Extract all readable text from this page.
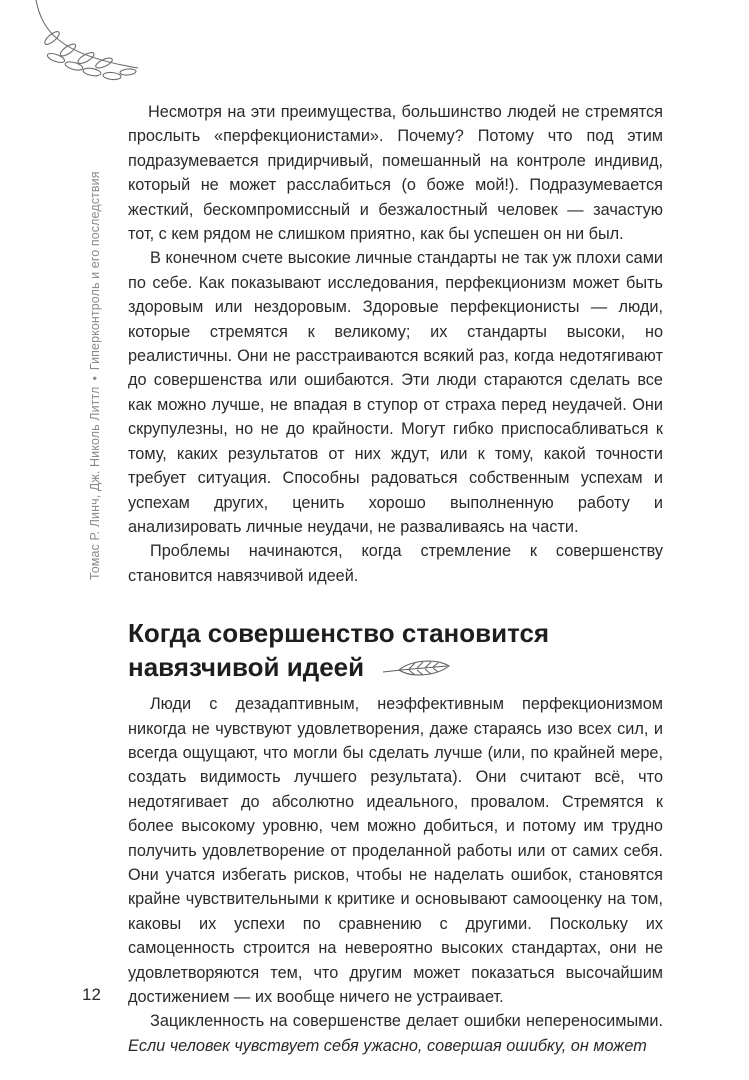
Томас Р. Линч, Дж. Николь Литтл•Гиперконтроль и его последствия

Несмотря на эти преимущества, большинство людей не стремятся прослыть «перфекционистами». Почему? Потому что под этим подразумевается придирчивый, помешанный на контроле индивид, который не может расслабиться (о боже мой!). Подразумевается жесткий, бескомпромиссный и безжалостный человек — зачастую тот, с кем рядом не слишком приятно, как бы успешен он ни был.

В конечном счете высокие личные стандарты не так уж плохи сами по себе. Как показывают исследования, перфекционизм может быть здоровым или нездоровым. Здоровые перфекционисты — люди, которые стремятся к великому; их стандарты высоки, но реалистичны. Они не расстраиваются всякий раз, когда недотягивают до совершенства или ошибаются. Эти люди стараются сделать все как можно лучше, не впадая в ступор от страха перед неудачей. Они скрупулезны, но не до крайности. Могут гибко приспосабливаться к тому, каких результатов от них ждут, или к тому, какой точности требует ситуация. Способны радоваться собственным успехам и успехам других, ценить хорошо выполненную работу и анализировать личные неудачи, не разваливаясь на части.

Проблемы начинаются, когда стремление к совершенству становится навязчивой идеей.

Когда совершенство становится
навязчивой идеей

Люди с дезадаптивным, неэффективным перфекционизмом никогда не чувствуют удовлетворения, даже стараясь изо всех сил, и всегда ощущают, что могли бы сделать лучше (или, по крайней мере, создать видимость лучшего результата). Они считают всё, что недотягивает до абсолютно идеального, провалом. Стремятся к более высокому уровню, чем можно добиться, и потому им трудно получить удовлетворение от проделанной работы или от самих себя. Они учатся избегать рисков, чтобы не наделать ошибок, становятся крайне чувствительными к критике и основывают самооценку на том, каковы их успехи по сравнению с другими. Поскольку их самоценность строится на невероятно высоких стандартах, они не удовлетворяются тем, что другим может показаться высочайшим достижением — их вообще ничего не устраивает.

Зацикленность на совершенстве делает ошибки непереносимыми. Если человек чувствует себя ужасно, совершая ошибку, он может

12
